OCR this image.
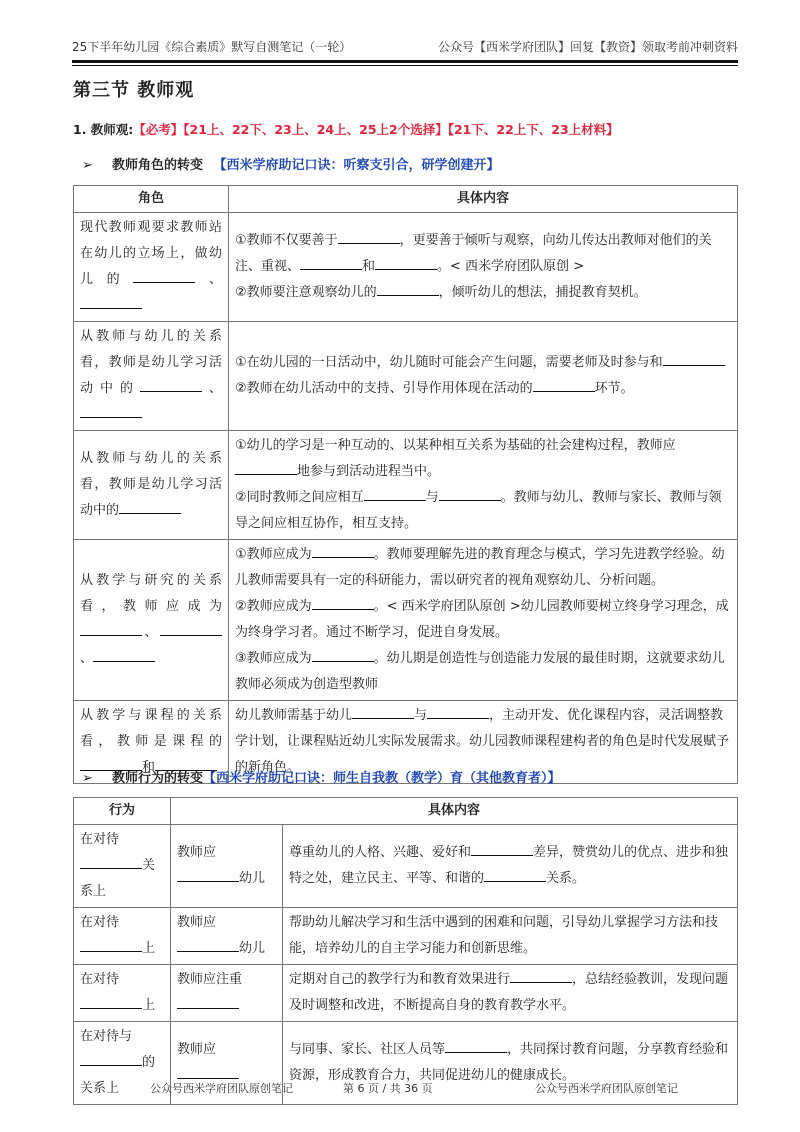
25下半年幼儿园《综合素质》默写自测笔记（一轮）	公众号【西米学府团队】回复【教资】领取考前冲刺资料
第三节 教师观
1. 教师观:【必考】【21上、22下、23上、24上、25上2个选择】【21下、22上下、23上材料】
➢ 教师角色的转变 【西米学府助记口诀：听察支引合，研学创建开】
角色	具体内容
现代教师观要求教师站在幼儿的立场上，做幼儿的 、	①教师不仅要善于 ，更要善于倾听与观察，向幼儿传达出教师对他们的关注、重视、 和 。< 西米学府团队原创 >
②教师要注意观察幼儿的 ，倾听幼儿的想法，捕捉教育契机。

从教师与幼儿的关系看，教师是幼儿学习活动中的 、	①在幼儿园的一日活动中，幼儿随时可能会产生问题，需要老师及时参与和
②教师在幼儿活动中的支持、引导作用体现在活动的 环节。

从教师与幼儿的关系看，教师是幼儿学习活动中的	①幼儿的学习是一种互动的、以某种相互关系为基础的社会建构过程，教师应地参与到活动进程当中。
②同时教师之间应相互 与 。教师与幼儿、教师与家长、教师与领导之间应相互协作，相互支持。

从教学与研究的关系看，教师应成为、、	①教师应成为 。教师要理解先进的教育理念与模式，学习先进教学经验。幼儿教师需要具有一定的科研能力，需以研究者的视角观察幼儿、分析问题。
②教师应成为 。< 西米学府团队原创 >幼儿园教师要树立终身学习理念，成为终身学习者。通过不断学习，促进自身发展。
③教师应成为 。幼儿期是创造性与创造能力发展的最佳时期，这就要求幼儿教师必须成为创造型教师

从教学与课程的关系看，教师是课程的和	幼儿教师需基于幼儿 与 ，主动开发、优化课程内容，灵活调整教学计划，让课程贴近幼儿实际发展需求。幼儿园教师课程建构者的角色是时代发展赋予的新角色。
➢ 教师行为的转变【西米学府助记口诀：师生自我教（教学）育（其他教育者）】
行为	具体内容	
在对待关系上	教师应幼儿	尊重幼儿的人格、兴趣、爱好和 差异，赞赏幼儿的优点、进步和独特之处，建立民主、平等、和谐的 关系。

在对待上	教师应幼儿	帮助幼儿解决学习和生活中遇到的困难和问题，引导幼儿掌握学习方法和技能，培养幼儿的自主学习能力和创新思维。

在对待上	教师应注重	定期对自己的教学行为和教育效果进行 ，总结经验教训，发现问题及时调整和改进，不断提高自身的教育教学水平。

在对待与的关系上	教师应	与同事、家长、社区人员等 ，共同探讨教育问题，分享教育经验和资源，形成教育合力，共同促进幼儿的健康成长。
公众号西米学府团队原创笔记	第 6 页 / 共 36 页	公众号西米学府团队原创笔记
